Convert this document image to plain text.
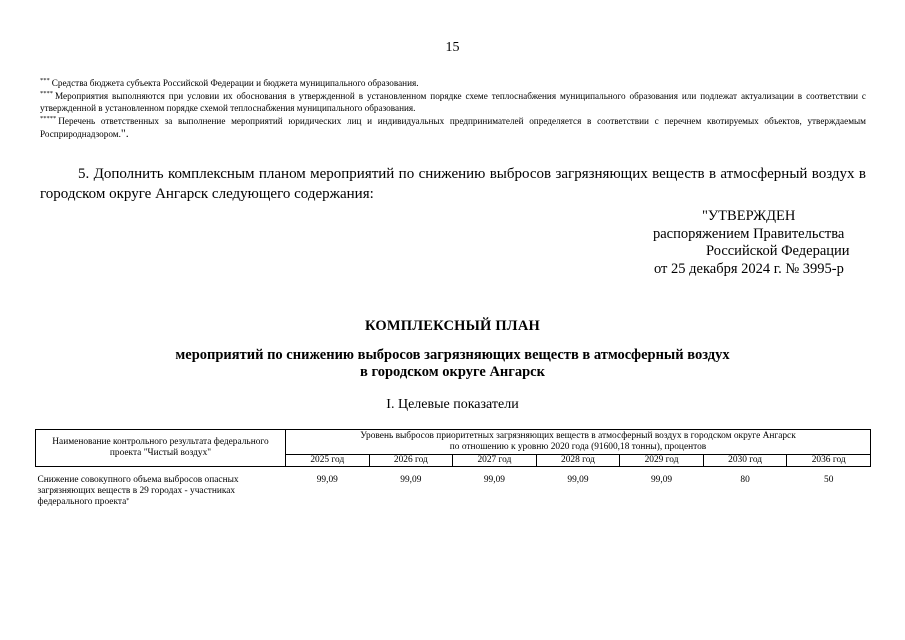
15
*** Средства бюджета субъекта Российской Федерации и бюджета муниципального образования.
**** Мероприятия выполняются при условии их обоснования в утвержденной в установленном порядке схеме теплоснабжения муниципального образования или подлежат актуализации в соответствии с утвержденной в установленном порядке схемой теплоснабжения муниципального образования.
***** Перечень ответственных за выполнение мероприятий юридических лиц и индивидуальных предпринимателей определяется в соответствии с перечнем квотируемых объектов, утверждаемым Росприроднадзором.".
5. Дополнить комплексным планом мероприятий по снижению выбросов загрязняющих веществ в атмосферный воздух в городском округе Ангарск следующего содержания:
"УТВЕРЖДЕН
распоряжением Правительства
Российской Федерации
от 25 декабря 2024 г. № 3995-р
КОМПЛЕКСНЫЙ ПЛАН
мероприятий по снижению выбросов загрязняющих веществ в атмосферный воздух
в городском округе Ангарск
I. Целевые показатели
Наименование контрольного результата федерального проекта "Чистый воздух"	Уровень выбросов приоритетных загрязняющих веществ в атмосферный воздух в городском округе Ангарск
по отношению к уровню 2020 года (91600,18 тонны), процентов						

	2025 год	2026 год	2027 год	2028 год	2029 год	2030 год	2036 год

Снижение совокупного объема выбросов опасных загрязняющих веществ в 29 городах - участниках федерального проекта*	99,09	99,09	99,09	99,09	99,09	80	50
